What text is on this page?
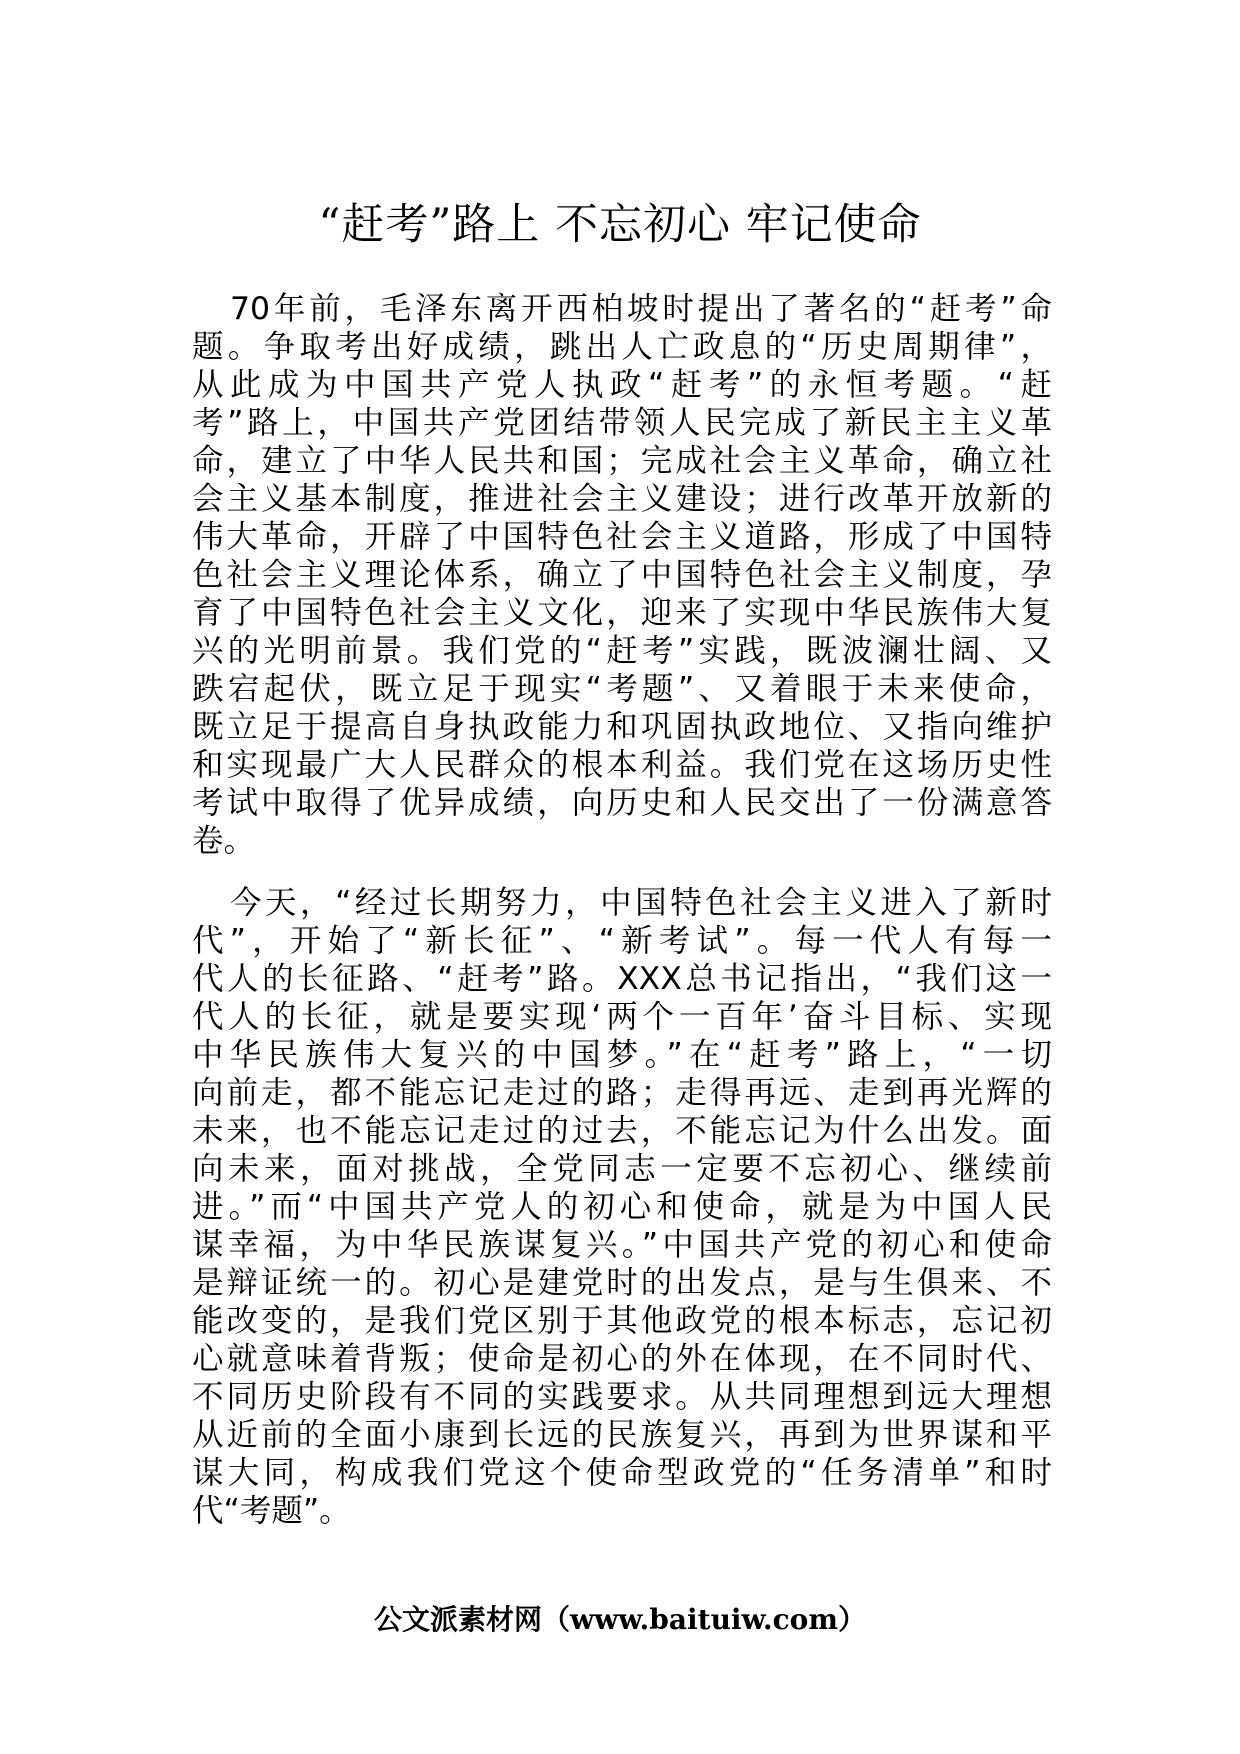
“赶考”路上 不忘初心 牢记使命
70年前，毛泽东离开西柏坡时提出了著名的“赶考”命
题。争取考出好成绩，跳出人亡政息的“历史周期律”，
从此成为中国共产党人执政“赶考”的永恒考题。“赶
考”路上，中国共产党团结带领人民完成了新民主主义革
命，建立了中华人民共和国；完成社会主义革命，确立社
会主义基本制度，推进社会主义建设；进行改革开放新的
伟大革命，开辟了中国特色社会主义道路，形成了中国特
色社会主义理论体系，确立了中国特色社会主义制度，孕
育了中国特色社会主义文化，迎来了实现中华民族伟大复
兴的光明前景。我们党的“赶考”实践，既波澜壮阔、又
跌宕起伏，既立足于现实“考题”、又着眼于未来使命，
既立足于提高自身执政能力和巩固执政地位、又指向维护
和实现最广大人民群众的根本利益。我们党在这场历史性
考试中取得了优异成绩，向历史和人民交出了一份满意答
卷。
今天，“经过长期努力，中国特色社会主义进入了新时
代”，开始了“新长征”、“新考试”。每一代人有每一
代人的长征路、“赶考”路。XXX总书记指出，“我们这一
代人的长征，就是要实现‘两个一百年’奋斗目标、实现
中华民族伟大复兴的中国梦。”在“赶考”路上，“一切
向前走，都不能忘记走过的路；走得再远、走到再光辉的
未来，也不能忘记走过的过去，不能忘记为什么出发。面
向未来，面对挑战，全党同志一定要不忘初心、继续前
进。”而“中国共产党人的初心和使命，就是为中国人民
谋幸福，为中华民族谋复兴。”中国共产党的初心和使命
是辩证统一的。初心是建党时的出发点，是与生俱来、不
能改变的，是我们党区别于其他政党的根本标志，忘记初
心就意味着背叛；使命是初心的外在体现，在不同时代、
不同历史阶段有不同的实践要求。从共同理想到远大理想
从近前的全面小康到长远的民族复兴，再到为世界谋和平
谋大同，构成我们党这个使命型政党的“任务清单”和时
代“考题”。
公文派素材网（www.baituiw.com）
